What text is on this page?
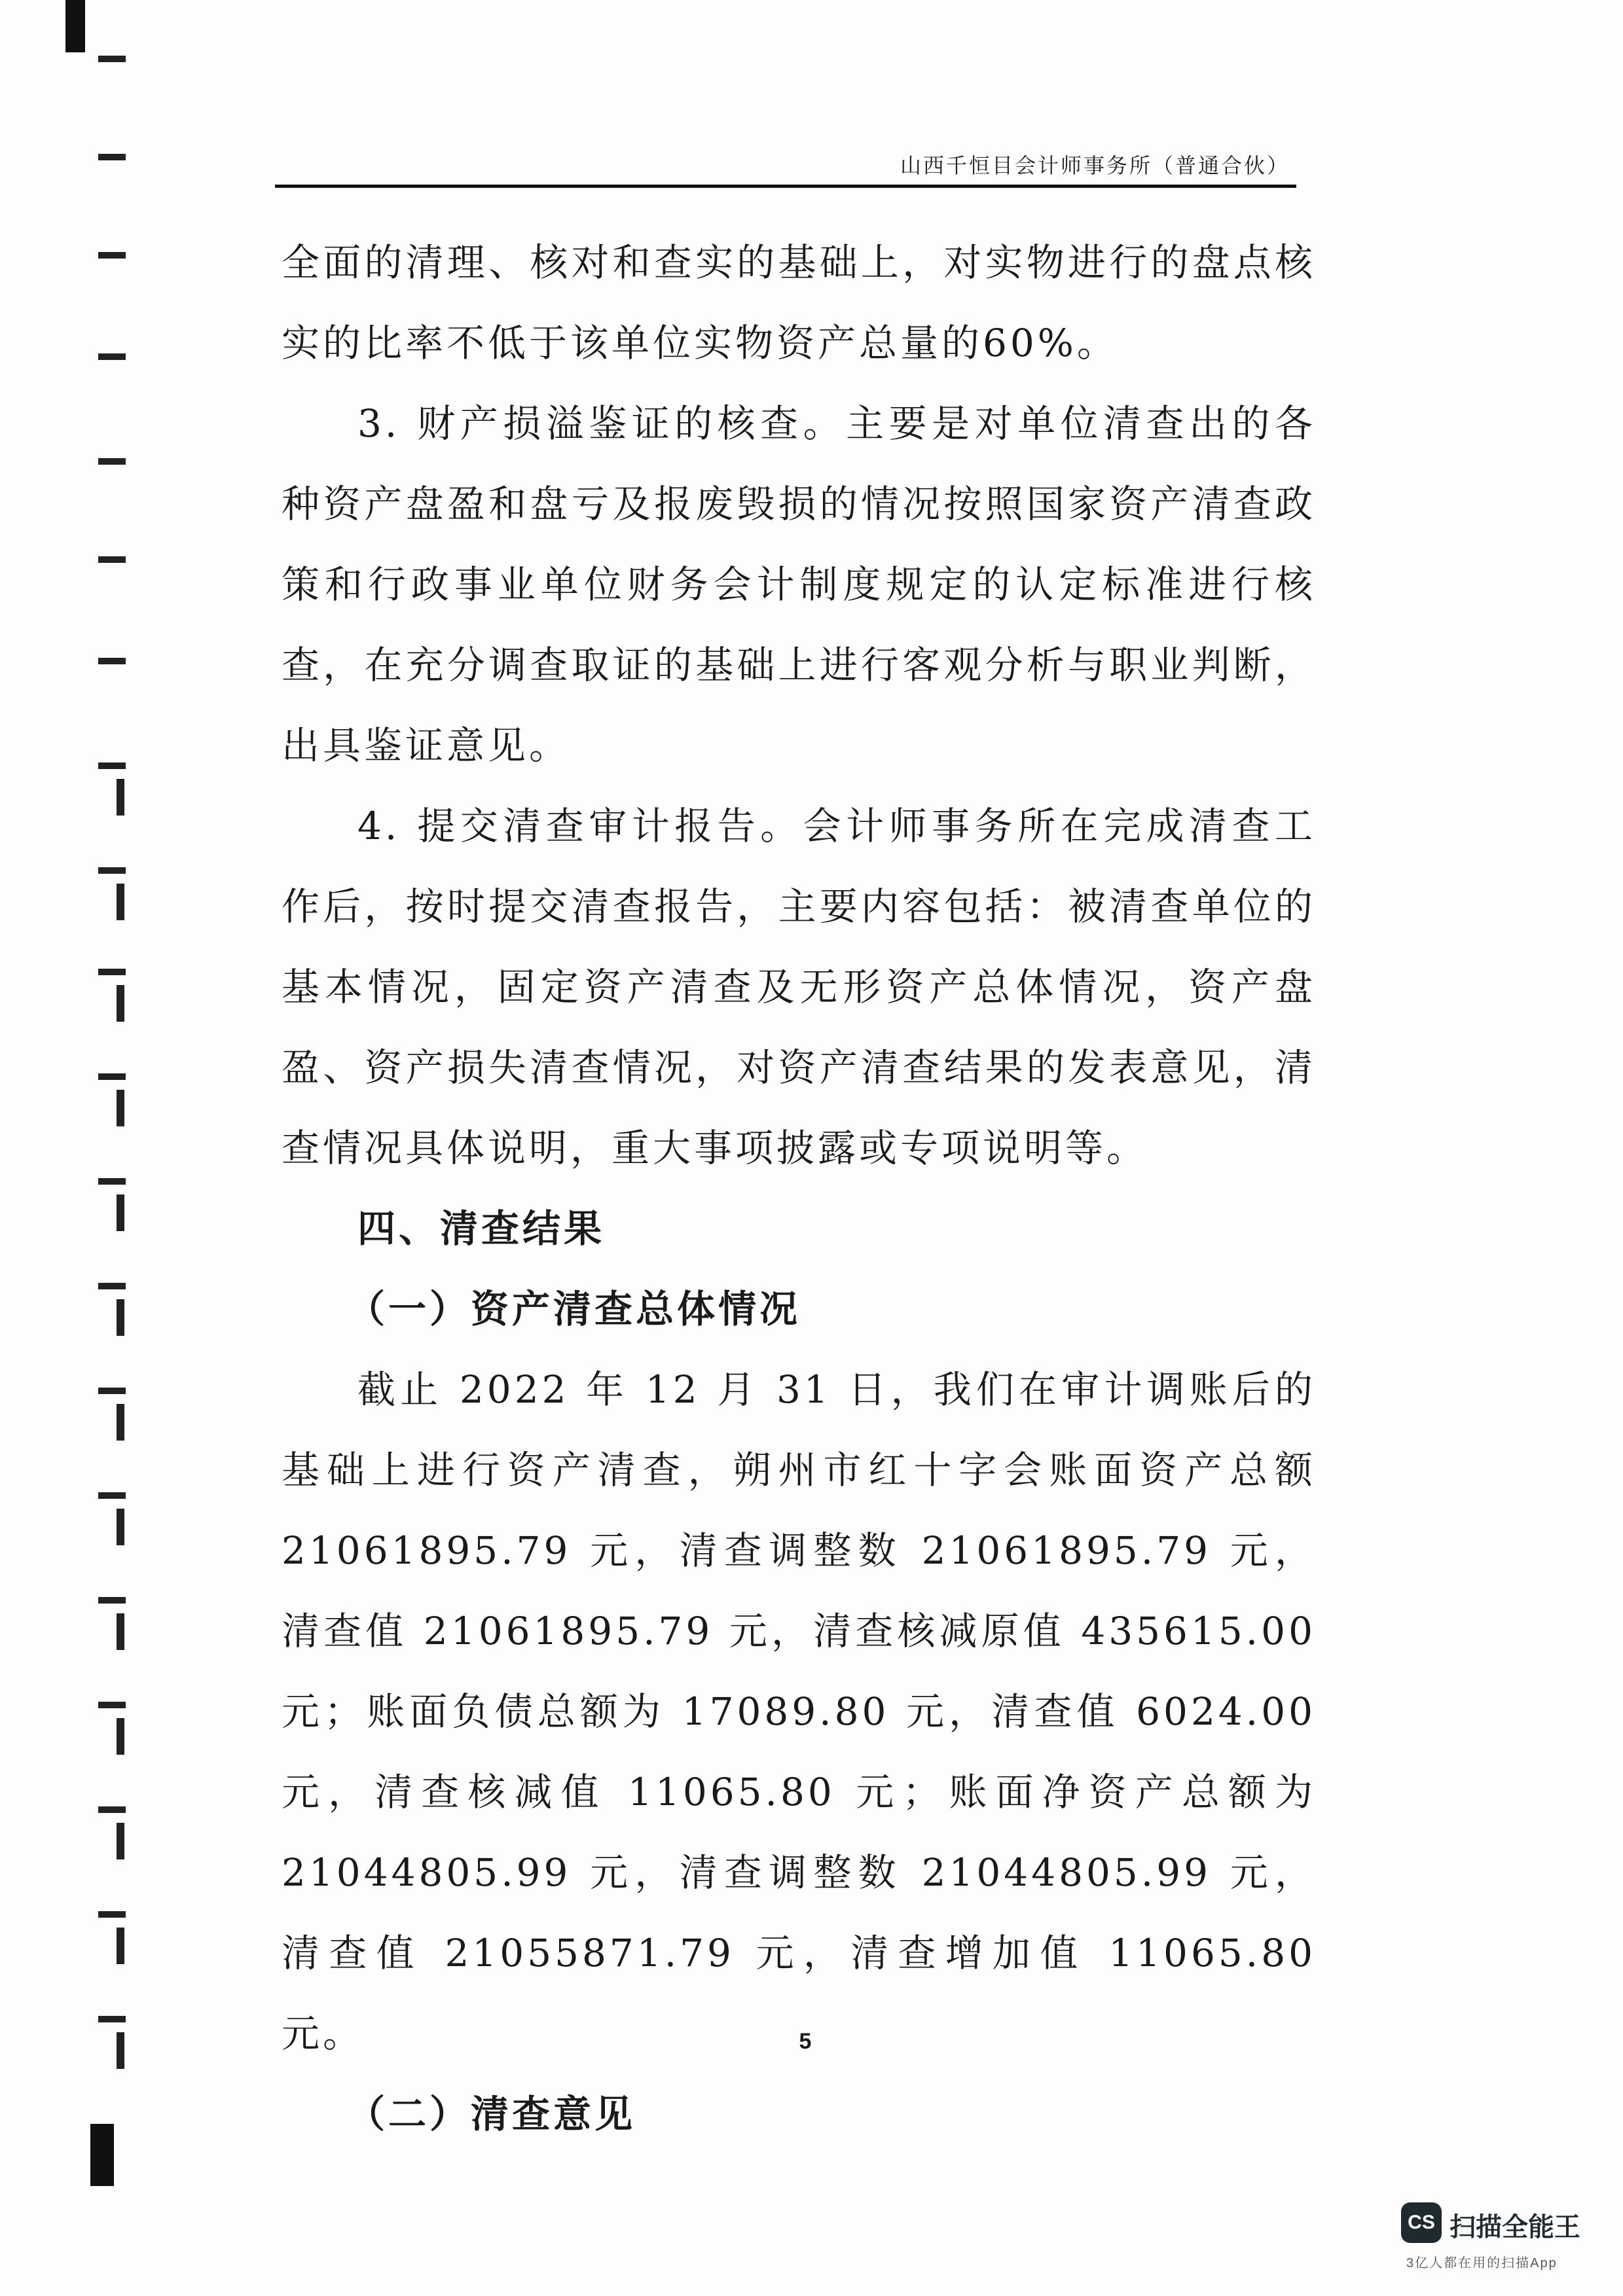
山西千恒目会计师事务所（普通合伙）

全面的清理、核对和查实的基础上，对实物进行的盘点核实的比率不低于该单位实物资产总量的60%。

3. 财产损溢鉴证的核查。主要是对单位清查出的各种资产盘盈和盘亏及报废毁损的情况按照国家资产清查政策和行政事业单位财务会计制度规定的认定标准进行核查，在充分调查取证的基础上进行客观分析与职业判断，出具鉴证意见。

4. 提交清查审计报告。会计师事务所在完成清查工作后，按时提交清查报告，主要内容包括：被清查单位的基本情况，固定资产清查及无形资产总体情况，资产盘盈、资产损失清查情况，对资产清查结果的发表意见，清查情况具体说明，重大事项披露或专项说明等。

四、清查结果

（一）资产清查总体情况

截止 2022 年 12 月 31 日，我们在审计调账后的基础上进行资产清查，朔州市红十字会账面资产总额 21061895.79 元，清查调整数 21061895.79 元，清查值 21061895.79 元，清查核减原值 435615.00 元；账面负债总额为 17089.80 元，清查值 6024.00 元，清查核减值 11065.80 元；账面净资产总额为 21044805.99 元，清查调整数 21044805.99 元，清查值 21055871.79 元，清查增加值 11065.80 元。

（二）清查意见

5
CS 扫描全能王
3亿人都在用的扫描App
